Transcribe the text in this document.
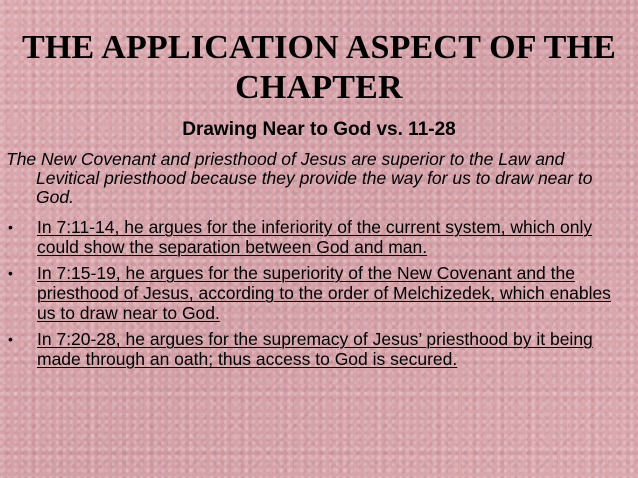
THE APPLICATION ASPECT OF THE CHAPTER
Drawing Near to God vs. 11-28
The New Covenant and priesthood of Jesus are superior to the Law and Levitical priesthood because they provide the way for us to draw near to God.
• In 7:11-14, he argues for the inferiority of the current system, which only could show the separation between God and man.
• In 7:15-19, he argues for the superiority of the New Covenant and the priesthood of Jesus, according to the order of Melchizedek, which enables us to draw near to God.
• In 7:20-28, he argues for the supremacy of Jesus’ priesthood by it being made through an oath; thus access to God is secured.
